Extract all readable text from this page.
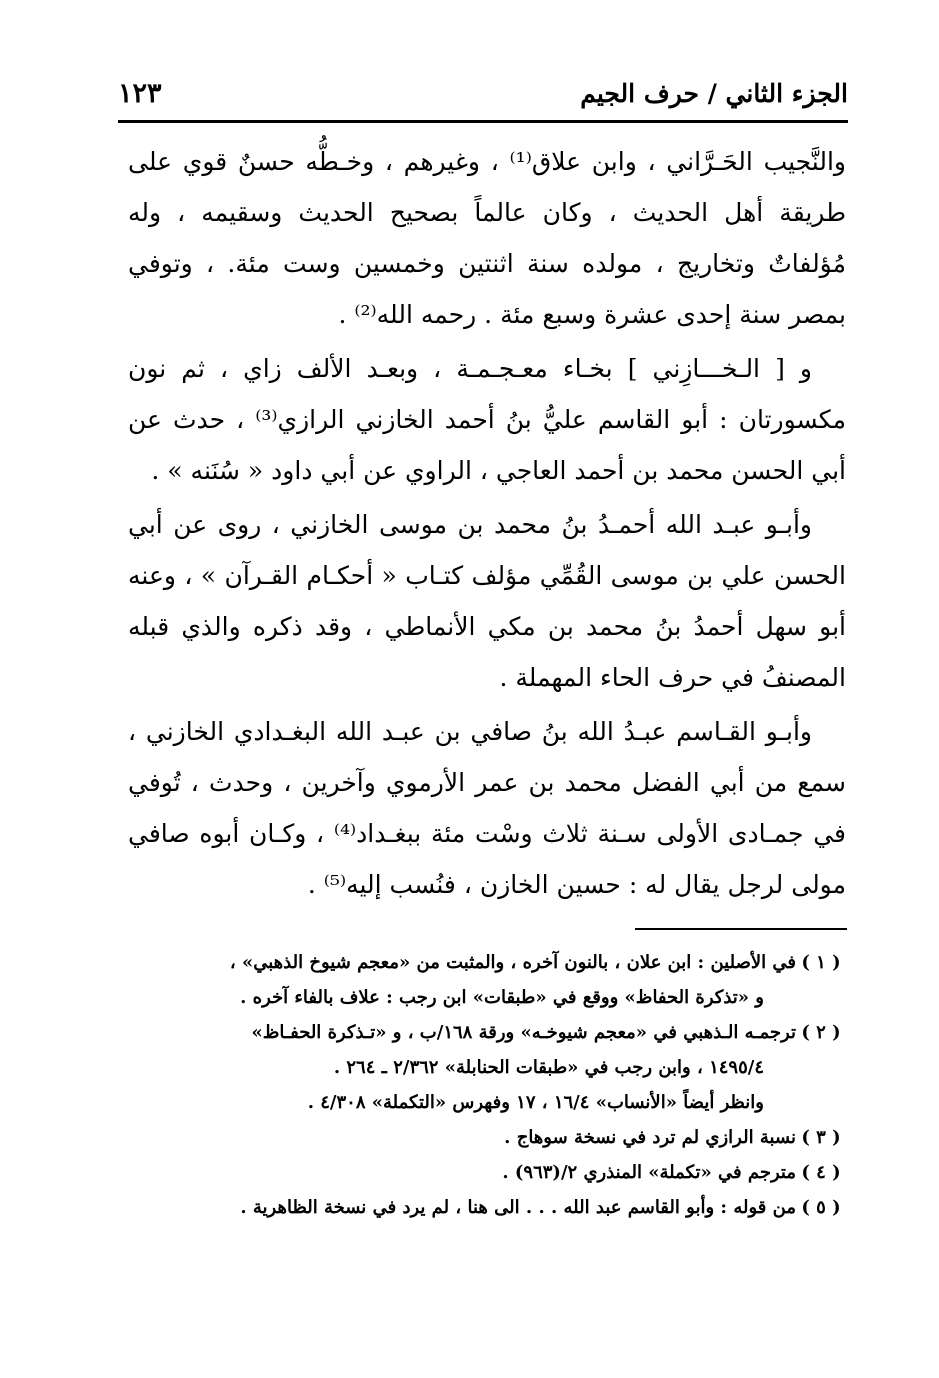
الجزء الثاني / حرف الجيم
١٢٣

والنَّجيب الحَـرَّاني ، وابن علاق⁽¹⁾ ، وغيرهم ، وخـطُّه حسنٌ قوي على طريقة أهل الحديث ، وكان عالماً بصحيح الحديث وسقيمه ، وله مُؤلفاتٌ وتخاريج ، مولده سنة اثنتين وخمسين وست مئة. ، وتوفي بمصر سنة إحدى عشرة وسبع مئة . رحمه الله⁽²⁾ .

و [ الـخـــازِني ] بخـاء معـجـمـة ، وبعـد الألف زاي ، ثم نون مكسورتان : أبو القاسم عليُّ بنُ أحمد الخازني الرازي⁽³⁾ ، حدث عن أبي الحسن محمد بن أحمد العاجي ، الراوي عن أبي داود « سُنَنه » .

وأبـو عبـد الله أحمـدُ بنُ محمد بن موسى الخازني ، روى عن أبي الحسن علي بن موسى القُمِّي مؤلف كتـاب « أحكـام القـرآن » ، وعنه أبو سهل أحمدُ بنُ محمد بن مكي الأنماطي ، وقد ذكره والذي قبله المصنفُ في حرف الحاء المهملة .

وأبـو القـاسم عبـدُ الله بنُ صافي بن عبـد الله البغـدادي الخازني ، سمع من أبي الفضل محمد بن عمر الأرموي وآخرين ، وحدث ، تُوفي في جمـادى الأولى سـنة ثلاث وسْت مئة ببغـداد⁽⁴⁾ ، وكـان أبوه صافي مولى لرجل يقال له : حسين الخازن ، فنُسب إليه⁽⁵⁾ .

( ١ )
في الأصلين : ابن علان ، بالنون آخره ، والمثبت من «معجم شيوخ الذهبي» ،
و «تذكرة الحفاظ» ووقع في «طبقات» ابن رجب : علاف بالفاء آخره .
( ٢ )
ترجمـه الـذهبي في «معجم شيوخـه» ورقة ١٦٨/ب ، و «تـذكرة الحفـاظ»
١٤٩٥/٤ ، وابن رجب في «طبقات الحنابلة» ٢/٣٦٢ ـ ٢٦٤ .
وانظر أيضاً «الأنساب» ١٦/٤ ، ١٧ وفهرس «التكملة» ٤/٣٠٨ .
( ٣ )
نسبة الرازي لم ترد في نسخة سوهاج .
( ٤ )
مترجم في «تكملة» المنذري ٢/(٩٦٣) .
( ٥ )
من قوله : وأبو القاسم عبد الله . . . الى هنا ، لم يرد في نسخة الظاهرية .
